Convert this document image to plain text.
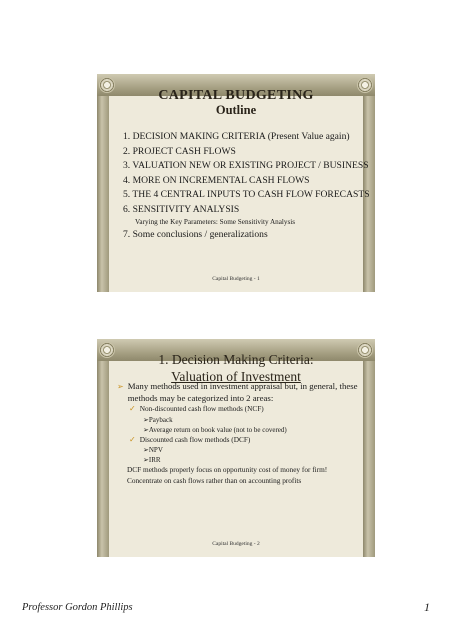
CAPITAL BUDGETING
Outline
1. DECISION MAKING CRITERIA (Present Value again)
2. PROJECT CASH FLOWS
3. VALUATION NEW OR EXISTING PROJECT / BUSINESS
4. MORE ON INCREMENTAL CASH FLOWS
5. THE 4 CENTRAL INPUTS TO CASH FLOW FORECASTS
6. SENSITIVITY ANALYSIS
Varying the Key Parameters: Some Sensitivity Analysis
7. Some conclusions / generalizations
Capital Budgeting - 1
1. Decision Making Criteria:
Valuation of Investment
➢ Many methods used in investment appraisal but, in general, these methods may be categorized into 2 areas:
✓ Non-discounted cash flow methods (NCF)
➢ Payback
➢ Average return on book value (not to be covered)
✓ Discounted cash flow methods (DCF)
➢ NPV
➢ IRR
DCF methods properly focus on opportunity cost of money for firm!
Concentrate on cash flows rather than on accounting profits
Capital Budgeting - 2
Professor Gordon Phillips	1
